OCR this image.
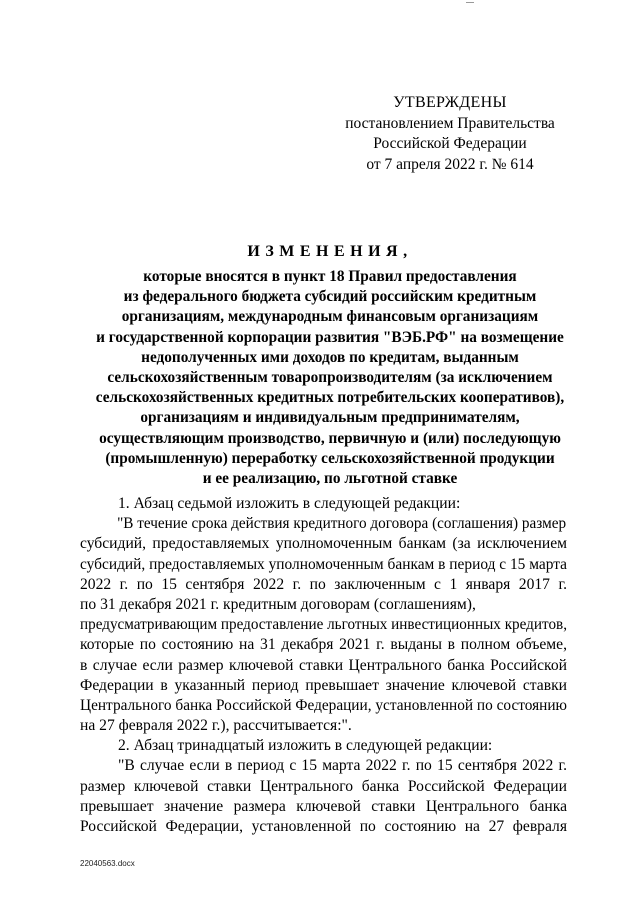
УТВЕРЖДЕНЫ
постановлением Правительства
Российской Федерации
от 7 апреля 2022 г. № 614
ИЗМЕНЕНИЯ,
которые вносятся в пункт 18 Правил предоставления
из федерального бюджета субсидий российским кредитным
организациям, международным финансовым организациям
и государственной корпорации развития "ВЭБ.РФ" на возмещение
недополученных ими доходов по кредитам, выданным
сельскохозяйственным товаропроизводителям (за исключением
сельскохозяйственных кредитных потребительских кооперативов),
организациям и индивидуальным предпринимателям,
осуществляющим производство, первичную и (или) последующую
(промышленную) переработку сельскохозяйственной продукции
и ее реализацию, по льготной ставке
1. Абзац седьмой изложить в следующей редакции:
"В течение срока действия кредитного договора (соглашения) размер
субсидий, предоставляемых уполномоченным банкам (за исключением
субсидий, предоставляемых уполномоченным банкам в период с 15 марта
2022 г. по 15 сентября 2022 г. по заключенным с 1 января 2017 г.
по 31 декабря 2021 г. кредитным договорам (соглашениям),
предусматривающим предоставление льготных инвестиционных кредитов,
которые по состоянию на 31 декабря 2021 г. выданы в полном объеме,
в случае если размер ключевой ставки Центрального банка Российской
Федерации в указанный период превышает значение ключевой ставки
Центрального банка Российской Федерации, установленной по состоянию
на 27 февраля 2022 г.), рассчитывается:".
2. Абзац тринадцатый изложить в следующей редакции:
"В случае если в период с 15 марта 2022 г. по 15 сентября 2022 г.
размер ключевой ставки Центрального банка Российской Федерации
превышает значение размера ключевой ставки Центрального банка
Российской Федерации, установленной по состоянию на 27 февраля
22040563.docx
